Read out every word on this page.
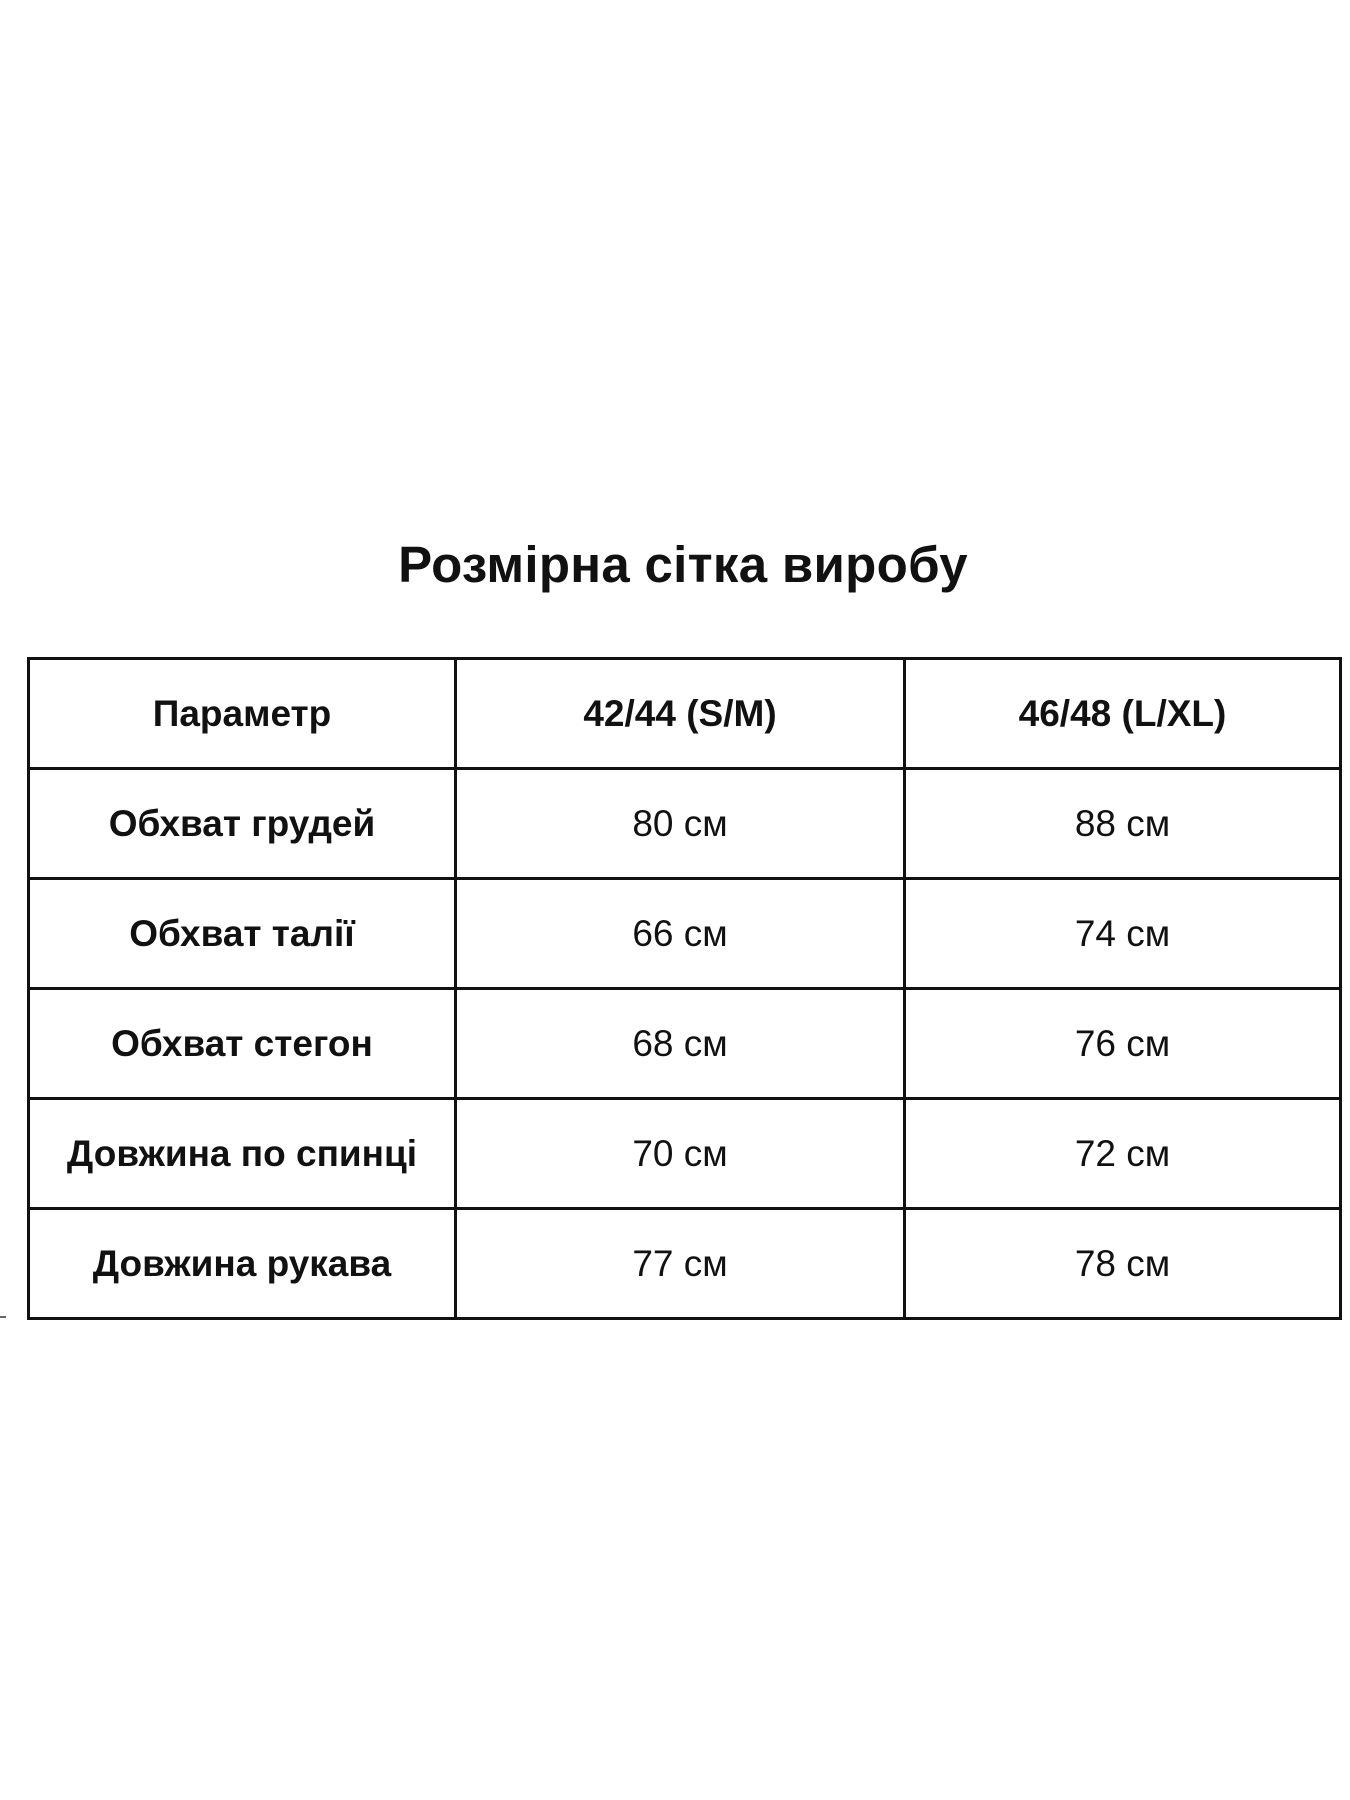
Розмірна сітка виробу
Параметр	42/44 (S/M)	46/48 (L/XL)
Обхват грудей	80 см	88 см
Обхват талії	66 см	74 см
Обхват стегон	68 см	76 см
Довжина по спинці	70 см	72 см
Довжина рукава	77 см	78 см
